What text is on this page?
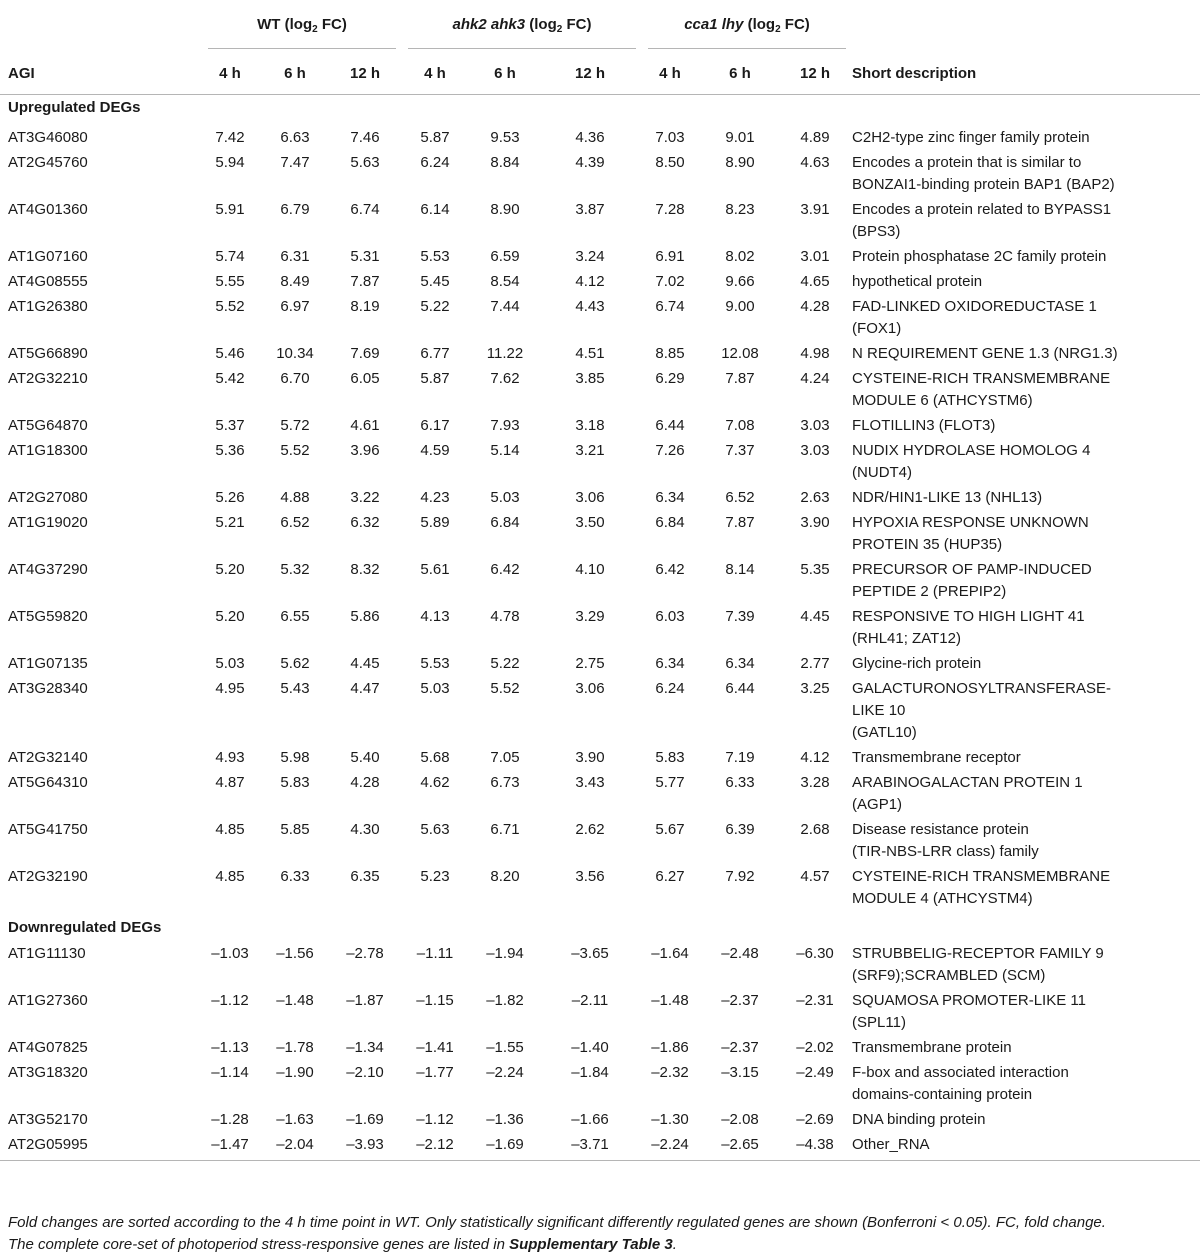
	WT ($\log_2$ FC)			ahk2 ahk3 ($\log_2$ FC)			cca1 lhy ($\log_2$ FC)			

AGI	4 h	6 h	12 h	4 h	6 h	12 h	4 h	6 h	12 h	Short description
Upregulated DEGs										
AT3G46080	7.42	6.63	7.46	5.87	9.53	4.36	7.03	9.01	4.89	C2H2-type zinc finger family protein

AT2G45760	5.94	7.47	5.63	6.24	8.84	4.39	8.50	8.90	4.63	Encodes a protein that is similar to
BONZAI1-binding protein BAP1 (BAP2)

AT4G01360	5.91	6.79	6.74	6.14	8.90	3.87	7.28	8.23	3.91	Encodes a protein related to BYPASS1
(BPS3)

AT1G07160	5.74	6.31	5.31	5.53	6.59	3.24	6.91	8.02	3.01	Protein phosphatase 2C family protein

AT4G08555	5.55	8.49	7.87	5.45	8.54	4.12	7.02	9.66	4.65	hypothetical protein

AT1G26380	5.52	6.97	8.19	5.22	7.44	4.43	6.74	9.00	4.28	FAD-LINKED OXIDOREDUCTASE 1
(FOX1)

AT5G66890	5.46	10.34	7.69	6.77	11.22	4.51	8.85	12.08	4.98	N REQUIREMENT GENE 1.3 (NRG1.3)

AT2G32210	5.42	6.70	6.05	5.87	7.62	3.85	6.29	7.87	4.24	CYSTEINE-RICH TRANSMEMBRANE
MODULE 6 (ATHCYSTM6)

AT5G64870	5.37	5.72	4.61	6.17	7.93	3.18	6.44	7.08	3.03	FLOTILLIN3 (FLOT3)

AT1G18300	5.36	5.52	3.96	4.59	5.14	3.21	7.26	7.37	3.03	NUDIX HYDROLASE HOMOLOG 4
(NUDT4)

AT2G27080	5.26	4.88	3.22	4.23	5.03	3.06	6.34	6.52	2.63	NDR/HIN1-LIKE 13 (NHL13)

AT1G19020	5.21	6.52	6.32	5.89	6.84	3.50	6.84	7.87	3.90	HYPOXIA RESPONSE UNKNOWN
PROTEIN 35 (HUP35)

AT4G37290	5.20	5.32	8.32	5.61	6.42	4.10	6.42	8.14	5.35	PRECURSOR OF PAMP-INDUCED
PEPTIDE 2 (PREPIP2)

AT5G59820	5.20	6.55	5.86	4.13	4.78	3.29	6.03	7.39	4.45	RESPONSIVE TO HIGH LIGHT 41
(RHL41; ZAT12)

AT1G07135	5.03	5.62	4.45	5.53	5.22	2.75	6.34	6.34	2.77	Glycine-rich protein

AT3G28340	4.95	5.43	4.47	5.03	5.52	3.06	6.24	6.44	3.25	GALACTURONOSYLTRANSFERASE-
LIKE 10
(GATL10)

AT2G32140	4.93	5.98	5.40	5.68	7.05	3.90	5.83	7.19	4.12	Transmembrane receptor

AT5G64310	4.87	5.83	4.28	4.62	6.73	3.43	5.77	6.33	3.28	ARABINOGALACTAN PROTEIN 1
(AGP1)

AT5G41750	4.85	5.85	4.30	5.63	6.71	2.62	5.67	6.39	2.68	Disease resistance protein
(TIR-NBS-LRR class) family

AT2G32190	4.85	6.33	6.35	5.23	8.20	3.56	6.27	7.92	4.57	CYSTEINE-RICH TRANSMEMBRANE
MODULE 4 (ATHCYSTM4)

Downregulated DEGs										
AT1G11130	–1.03	–1.56	–2.78	–1.11	–1.94	–3.65	–1.64	–2.48	–6.30	STRUBBELIG-RECEPTOR FAMILY 9
(SRF9);SCRAMBLED (SCM)

AT1G27360	–1.12	–1.48	–1.87	–1.15	–1.82	–2.11	–1.48	–2.37	–2.31	SQUAMOSA PROMOTER-LIKE 11
(SPL11)

AT4G07825	–1.13	–1.78	–1.34	–1.41	–1.55	–1.40	–1.86	–2.37	–2.02	Transmembrane protein

AT3G18320	–1.14	–1.90	–2.10	–1.77	–2.24	–1.84	–2.32	–3.15	–2.49	F-box and associated interaction
domains-containing protein

AT3G52170	–1.28	–1.63	–1.69	–1.12	–1.36	–1.66	–1.30	–2.08	–2.69	DNA binding protein

AT2G05995	–1.47	–2.04	–3.93	–2.12	–1.69	–3.71	–2.24	–2.65	–4.38	Other_RNA
Fold changes are sorted according to the 4 h time point in WT. Only statistically significant differently regulated genes are shown (Bonferroni < 0.05). FC, fold change.
The complete core-set of photoperiod stress-responsive genes are listed in Supplementary Table 3.
